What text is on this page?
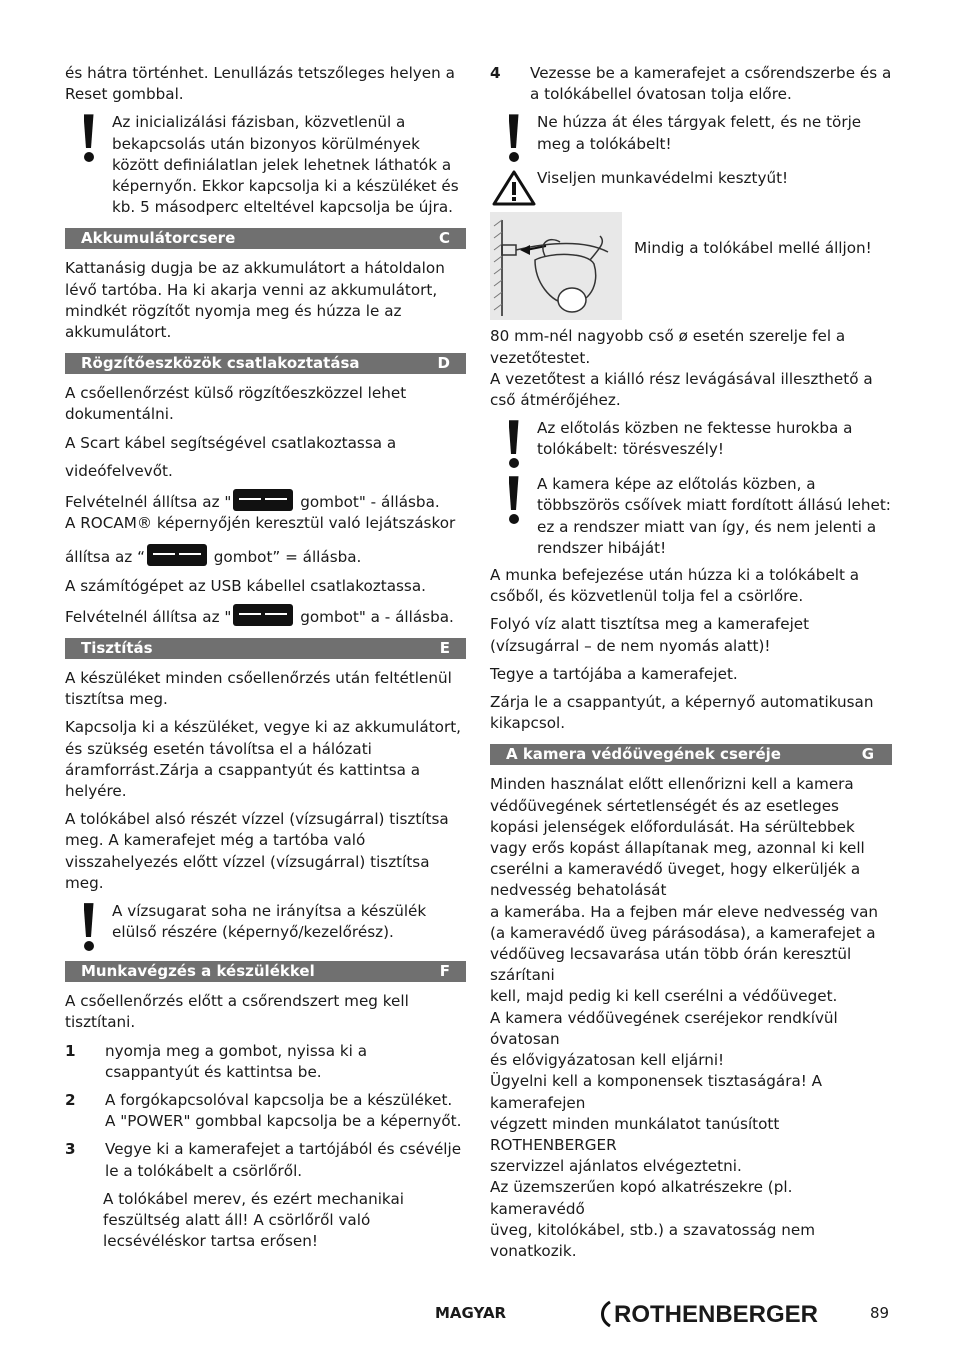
és hátra történhet. Lenullázás tetszőleges helyen a Reset gombbal.

Az inicializálási fázisban, közvetlenül a bekapcsolás után bizonyos körülmények között definiálatlan jelek lehetnek láthatók a képernyőn. Ekkor kapcsolja ki a készüléket és kb. 5 másodperc elteltével kapcsolja be újra.
Akkumulátorcsere	C

Kattanásig dugja be az akkumulátort a hátoldalon lévő tartóba. Ha ki akarja venni az akkumulátort, mindkét rögzítőt nyomja meg és húzza le az akkumulátort.

Rögzítőeszközök csatlakoztatása	D

A csőellenőrzést külső rögzítőeszközzel lehet dokumentálni.

A Scart kábel segítségével csatlakoztassa a

videófelvevőt.

Felvételnél állítsa az "	gombot" - állásba.

A ROCAM® képernyőjén keresztül való lejátszáskor

állítsa az “	gombot” = állásba.

A számítógépet az USB kábellel csatlakoztassa.

Felvételnél állítsa az "	gombot" a - állásba.

Tisztítás	E

A készüléket minden csőellenőrzés után feltétlenül tisztítsa meg.

Kapcsolja ki a készüléket, vegye ki az akkumulátort, és szükség esetén távolítsa el a hálózati áramforrást.Zárja a csappantyút és kattintsa a helyére.

A tolókábel alsó részét vízzel (vízsugárral) tisztítsa meg. A kamerafejet még a tartóba való visszahelyezés előtt vízzel (vízsugárral) tisztítsa meg.

A vízsugarat soha ne irányítsa a készülék elülső részére (képernyő/kezelőrész).
Munkavégzés a készülékkel	F

A csőellenőrzés előtt a csőrendszert meg kell tisztítani.

1	nyomja meg a gombot, nyissa ki a csappantyút és kattintsa be.
2	A forgókapcsolóval kapcsolja be a készüléket. A "POWER" gombbal kapcsolja be a képernyőt.
3	Vegye ki a kamerafejet a tartójából és csévélje le a tolókábelt a csörlőről.
A tolókábel merev, és ezért mechanikai feszültség alatt áll! A csörlőről való lecsévéléskor tartsa erősen!
4	Vezesse be a kamerafejet a csőrendszerbe és a a tolókábellel óvatosan tolja előre.
Ne húzza át éles tárgyak felett, és ne törje meg a tolókábelt!
Viseljen munkavédelmi kesztyűt!
Mindig a tolókábel mellé álljon!

80 mm-nél nagyobb cső ø esetén szerelje fel a vezetőtestet.

A vezetőtest a kiálló rész levágásával illeszthető a cső átmérőjéhez.

Az előtolás közben ne fektesse hurokba a tolókábelt: törésveszély!
A kamera képe az előtolás közben, a többszörös csőívek miatt fordított állású lehet: ez a rendszer miatt van így, és nem jelenti a rendszer hibáját!

A munka befejezése után húzza ki a tolókábelt a csőből, és közvetlenül tolja fel a csörlőre.

Folyó víz alatt tisztítsa meg a kamerafejet (vízsugárral – de nem nyomás alatt)!

Tegye a tartójába a kamerafejet.

Zárja le a csappantyút, a képernyő automatikusan kikapcsol.

A kamera védőüvegének cseréje	G
Minden használat előtt ellenőrizni kell a kamera védőüvegének sértetlenségét és az esetleges kopási jelenségek előfordulását. Ha sérültebbek vagy erős kopást állapítanak meg, azonnal ki kell cserélni a kameravédő üveget, hogy elkerüljék a nedvesség behatolását
a kamerába. Ha a fejben már eleve nedvesség van (a kameravédő üveg párásodása), a kamerafejet a
védőüveg lecsavarása után több órán keresztül szárítani
kell, majd pedig ki kell cserélni a védőüveget.
A kamera védőüvegének cseréjekor rendkívül óvatosan
és elővigyázatosan kell eljárni!
Ügyelni kell a komponensek tisztaságára! A kamerafejen
végzett minden munkálatot tanúsított ROTHENBERGER
szervizzel ajánlatos elvégeztetni.
Az üzemszerűen kopó alkatrészekre (pl. kameravédő
üveg, kitolókábel, stb.) a szavatosság nem vonatkozik.
MAGYAR	ROTHENBERGER	89
